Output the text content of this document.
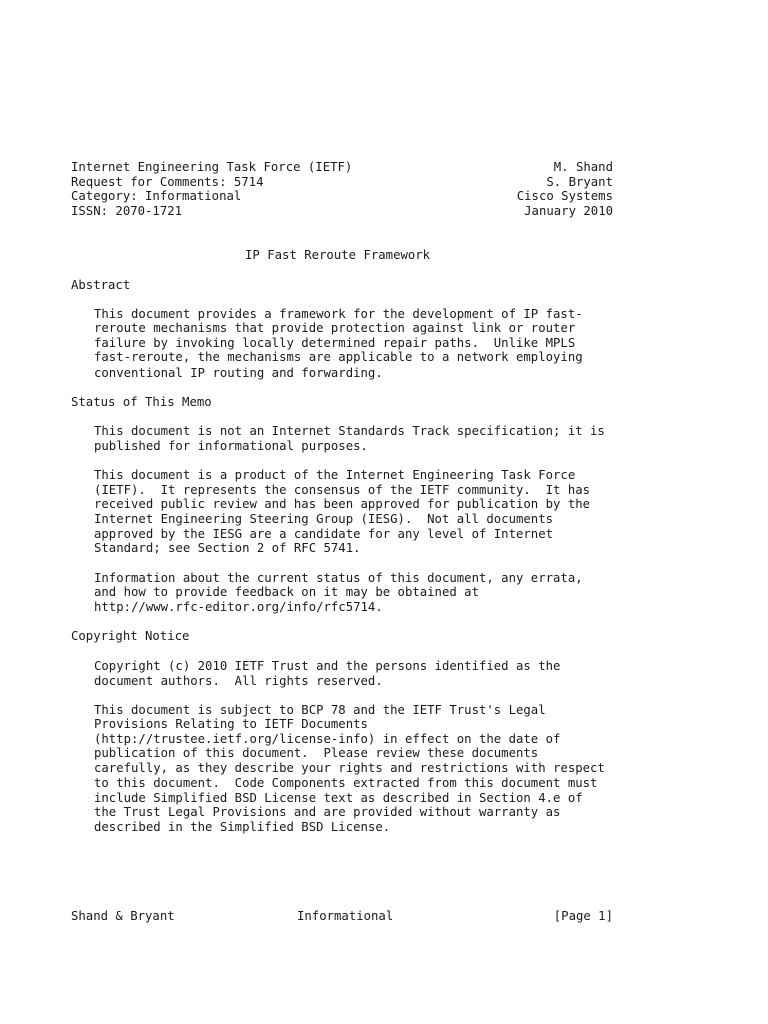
Internet Engineering Task Force (IETF)
Request for Comments: 5714
Category: Informational
ISSN: 2070-1721
M. Shand
S. Bryant
Cisco Systems
January 2010
IP Fast Reroute Framework
Abstract
This document provides a framework for the development of IP fast-
reroute mechanisms that provide protection against link or router
failure by invoking locally determined repair paths.  Unlike MPLS
fast-reroute, the mechanisms are applicable to a network employing
conventional IP routing and forwarding.
Status of This Memo
This document is not an Internet Standards Track specification; it is
published for informational purposes.
This document is a product of the Internet Engineering Task Force
(IETF).  It represents the consensus of the IETF community.  It has
received public review and has been approved for publication by the
Internet Engineering Steering Group (IESG).  Not all documents
approved by the IESG are a candidate for any level of Internet
Standard; see Section 2 of RFC 5741.
Information about the current status of this document, any errata,
and how to provide feedback on it may be obtained at
http://www.rfc-editor.org/info/rfc5714.
Copyright Notice
Copyright (c) 2010 IETF Trust and the persons identified as the
document authors.  All rights reserved.
This document is subject to BCP 78 and the IETF Trust's Legal
Provisions Relating to IETF Documents
(http://trustee.ietf.org/license-info) in effect on the date of
publication of this document.  Please review these documents
carefully, as they describe your rights and restrictions with respect
to this document.  Code Components extracted from this document must
include Simplified BSD License text as described in Section 4.e of
the Trust Legal Provisions and are provided without warranty as
described in the Simplified BSD License.
Shand & Bryant	Informational	[Page 1]
